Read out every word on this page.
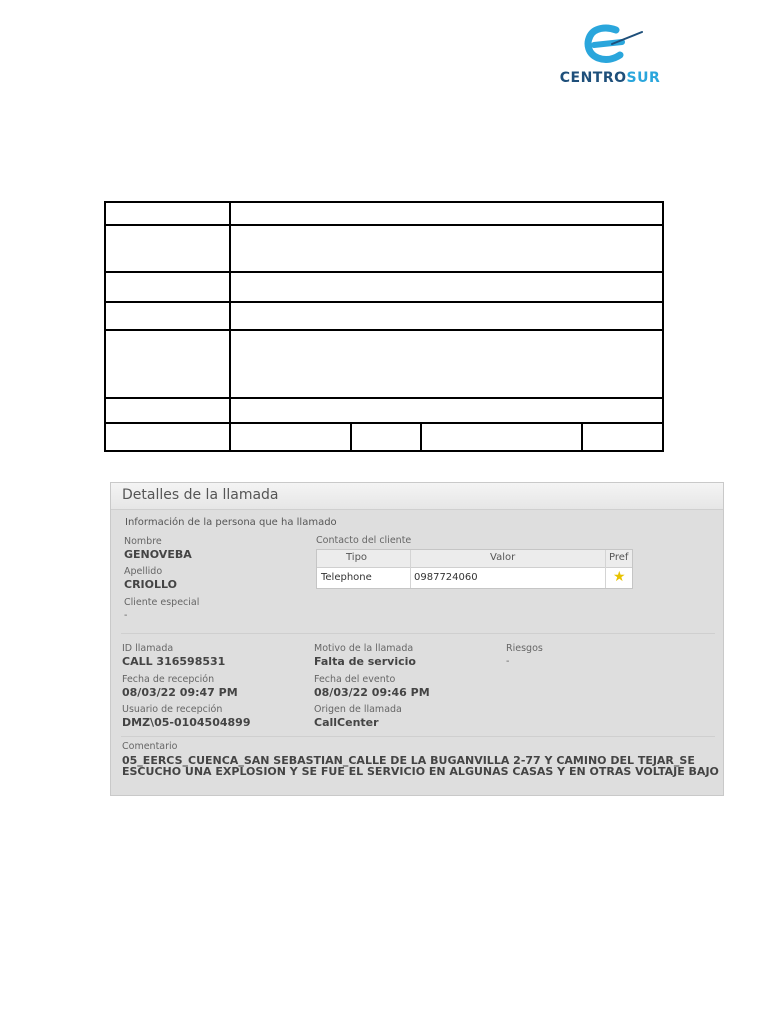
CENTROSUR
Detalles de la llamada
Información de la persona que ha llamado
Nombre
GENOVEBA
Apellido
CRIOLLO
Cliente especial
-
Contacto del cliente
Tipo	Valor	Pref
Telephone	0987724060	★
ID llamada
CALL 316598531
Fecha de recepción
08/03/22 09:47 PM
Usuario de recepción
DMZ\05-0104504899
Motivo de la llamada
Falta de servicio
Fecha del evento
08/03/22 09:46 PM
Origen de llamada
CallCenter
Riesgos
-
Comentario
05_EERCS_CUENCA_SAN SEBASTIAN_CALLE DE LA BUGANVILLA 2-77 Y CAMINO DEL TEJAR_SE ESCUCHO UNA EXPLOSION Y SE FUE EL SERVICIO EN ALGUNAS CASAS Y EN OTRAS VOLTAJE BAJO
